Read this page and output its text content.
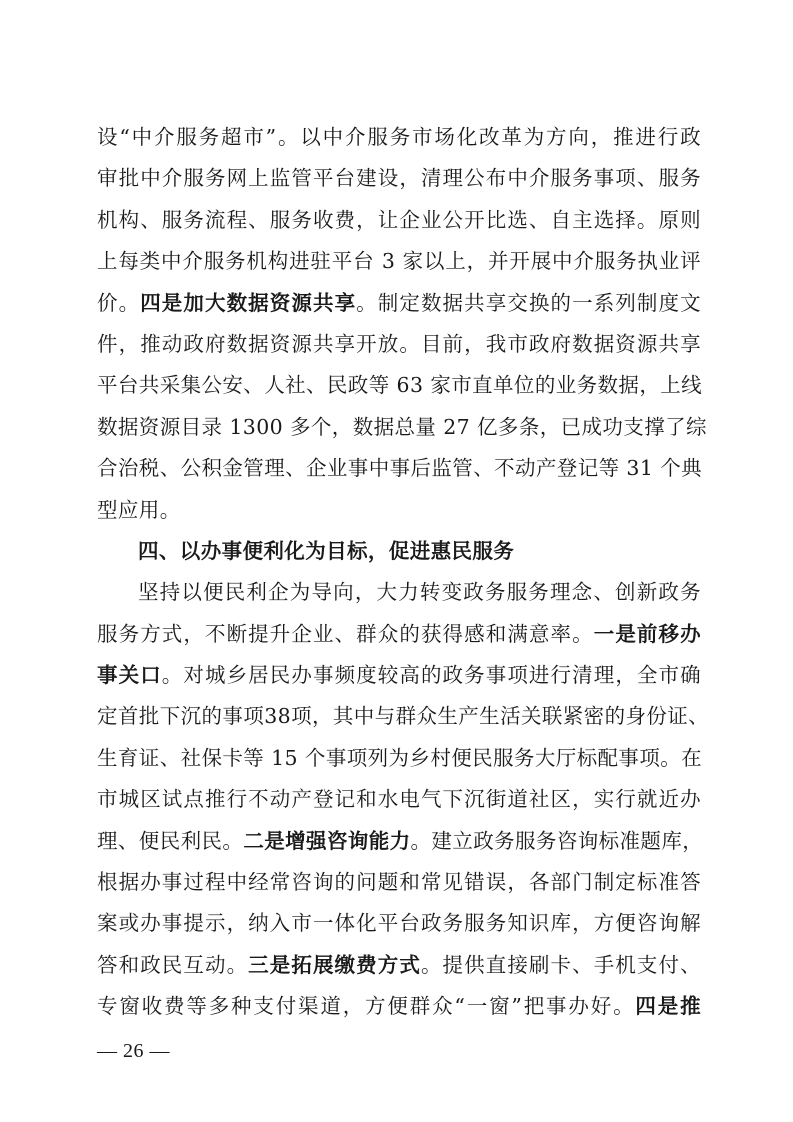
设“中介服务超市”。以中介服务市场化改革为方向，推进行政
审批中介服务网上监管平台建设，清理公布中介服务事项、服务
机构、服务流程、服务收费，让企业公开比选、自主选择。原则
上每类中介服务机构进驻平台 3 家以上，并开展中介服务执业评
价。四是加大数据资源共享。制定数据共享交换的一系列制度文
件，推动政府数据资源共享开放。目前，我市政府数据资源共享
平台共采集公安、人社、民政等 63 家市直单位的业务数据，上线
数据资源目录 1300 多个，数据总量 27 亿多条，已成功支撑了综
合治税、公积金管理、企业事中事后监管、不动产登记等 31 个典
型应用。
四、以办事便利化为目标，促进惠民服务
坚持以便民利企为导向，大力转变政务服务理念、创新政务
服务方式，不断提升企业、群众的获得感和满意率。一是前移办
事关口。对城乡居民办事频度较高的政务事项进行清理，全市确
定首批下沉的事项38项，其中与群众生产生活关联紧密的身份证、
生育证、社保卡等 15 个事项列为乡村便民服务大厅标配事项。在
市城区试点推行不动产登记和水电气下沉街道社区，实行就近办
理、便民利民。二是增强咨询能力。建立政务服务咨询标准题库，
根据办事过程中经常咨询的问题和常见错误，各部门制定标准答
案或办事提示，纳入市一体化平台政务服务知识库，方便咨询解
答和政民互动。三是拓展缴费方式。提供直接刷卡、手机支付、
专窗收费等多种支付渠道，方便群众“一窗”把事办好。四是推
— 26 —
